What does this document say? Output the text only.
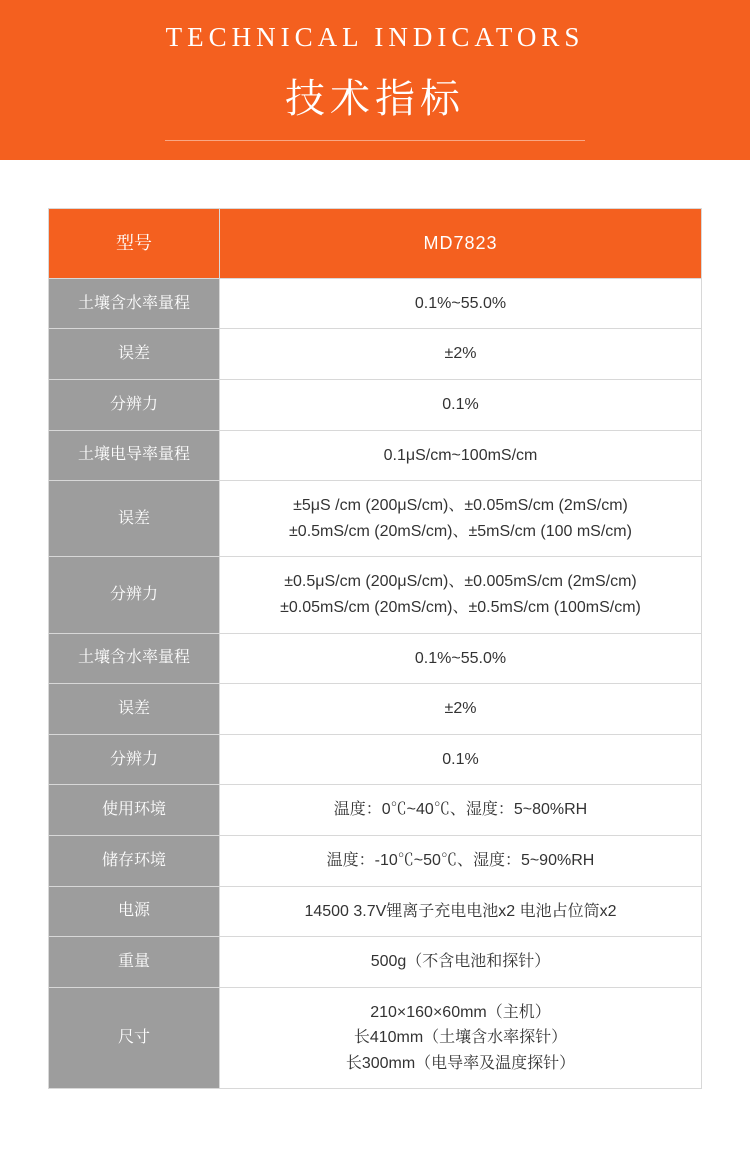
TECHNICAL INDICATORS
技术指标
型号	MD7823
土壤含水率量程	0.1%~55.0%
误差	±2%
分辨力	0.1%
土壤电导率量程	0.1μS/cm~100mS/cm
误差	±5μS /cm (200μS/cm)、±0.05mS/cm (2mS/cm)
±0.5mS/cm (20mS/cm)、±5mS/cm (100 mS/cm)
分辨力	±0.5μS/cm (200μS/cm)、±0.005mS/cm (2mS/cm)
±0.05mS/cm (20mS/cm)、±0.5mS/cm (100mS/cm)
土壤含水率量程	0.1%~55.0%
误差	±2%
分辨力	0.1%
使用环境	温度：0℃~40℃、湿度：5~80%RH
储存环境	温度：-10℃~50℃、湿度：5~90%RH
电源	14500 3.7V锂离子充电电池x2 电池占位筒x2
重量	500g（不含电池和探针）
尺寸	210×160×60mm（主机）
长410mm（土壤含水率探针）
长300mm（电导率及温度探针）
